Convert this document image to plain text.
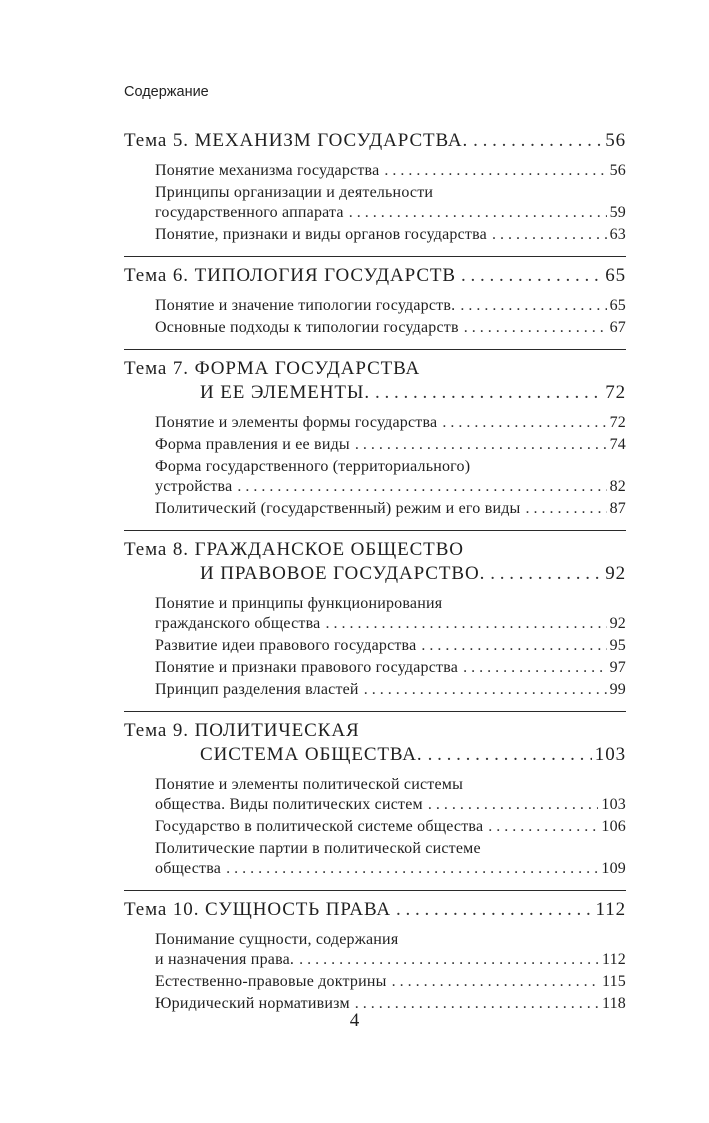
Содержание
Тема 5. МЕХАНИЗМ ГОСУДАРСТВА. . . .	56
Понятие механизма государства . . .	56
Принципы организации и деятельности
государственного аппарата . . .	59
Понятие, признаки и виды органов государства . . .	63
Тема 6. ТИПОЛОГИЯ ГОСУДАРСТВ . . .	65
Понятие и значение типологии государств. . . .	65
Основные подходы к типологии государств . . .	67
Тема 7. ФОРМА ГОСУДАРСТВА
И ЕЕ ЭЛЕМЕНТЫ. . . .	72
Понятие и элементы формы государства . . .	72
Форма правления и ее виды . . .	74
Форма государственного (территориального)
устройства . . .	82
Политический (государственный) режим и его виды . . .	87
Тема 8. ГРАЖДАНСКОЕ ОБЩЕСТВО
И ПРАВОВОЕ ГОСУДАРСТВО. . . .	92
Понятие и принципы функционирования
гражданского общества . . .	92
Развитие идеи правового государства . . .	95
Понятие и признаки правового государства . . .	97
Принцип разделения властей . . .	99
Тема 9. ПОЛИТИЧЕСКАЯ
СИСТЕМА ОБЩЕСТВА. . . .	103
Понятие и элементы политической системы
общества. Виды политических систем . . .	103
Государство в политической системе общества . . .	106
Политические партии в политической системе
общества . . .	109
Тема 10. СУЩНОСТЬ ПРАВА . . .	112
Понимание сущности, содержания
и назначения права. . . .	112
Естественно-правовые доктрины . . .	115
Юридический нормативизм . . .	118
4
